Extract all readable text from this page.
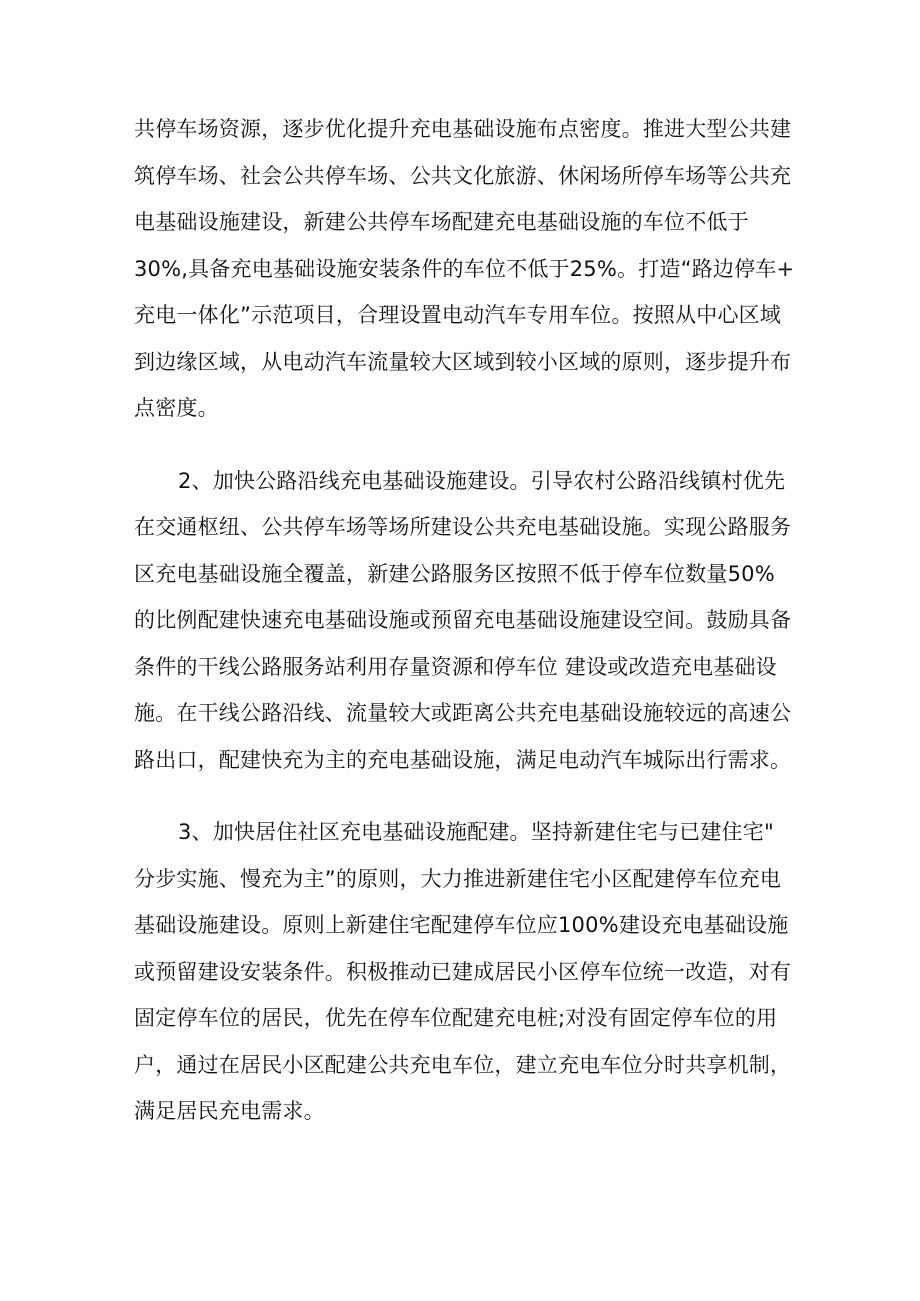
共停车场资源，逐步优化提升充电基础设施布点密度。推进大型公共建
筑停车场、社会公共停车场、公共文化旅游、休闲场所停车场等公共充
电基础设施建设，新建公共停车场配建充电基础设施的车位不低于
30%,具备充电基础设施安装条件的车位不低于25%。打造“路边停车+
充电一体化”示范项目，合理设置电动汽车专用车位。按照从中心区域
到边缘区域，从电动汽车流量较大区域到较小区域的原则，逐步提升布
点密度。

2、加快公路沿线充电基础设施建设。引导农村公路沿线镇村优先
在交通枢纽、公共停车场等场所建设公共充电基础设施。实现公路服务
区充电基础设施全覆盖，新建公路服务区按照不低于停车位数量50%
的比例配建快速充电基础设施或预留充电基础设施建设空间。鼓励具备
条件的干线公路服务站利用存量资源和停车位 建设或改造充电基础设
施。在干线公路沿线、流量较大或距离公共充电基础设施较远的高速公
路出口，配建快充为主的充电基础设施，满足电动汽车城际出行需求。

3、加快居住社区充电基础设施配建。坚持新建住宅与已建住宅"
分步实施、慢充为主”的原则，大力推进新建住宅小区配建停车位充电
基础设施建设。原则上新建住宅配建停车位应100%建设充电基础设施
或预留建设安装条件。积极推动已建成居民小区停车位统一改造，对有
固定停车位的居民，优先在停车位配建充电桩;对没有固定停车位的用
户，通过在居民小区配建公共充电车位，建立充电车位分时共享机制，
满足居民充电需求。
